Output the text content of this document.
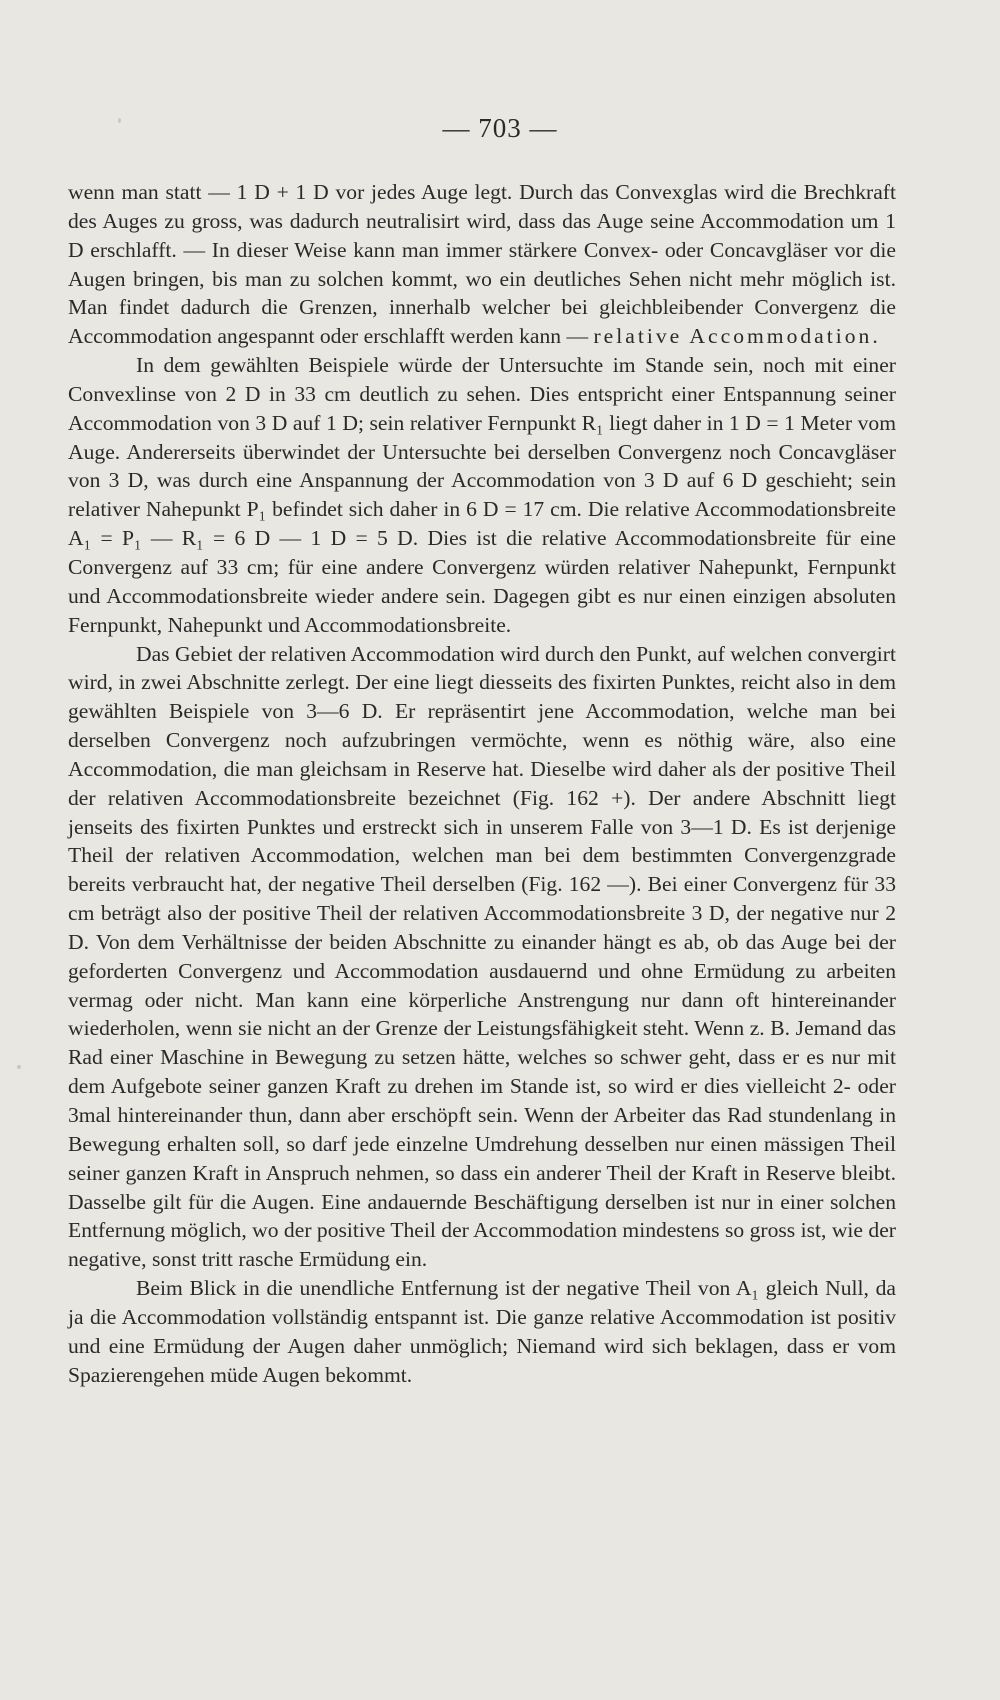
— 703 —

wenn man statt — 1 D + 1 D vor jedes Auge legt. Durch das Convexglas wird die Brechkraft des Auges zu gross, was dadurch neutralisirt wird, dass das Auge seine Accommodation um 1 D erschlafft. — In dieser Weise kann man immer stärkere Convex- oder Concavgläser vor die Augen bringen, bis man zu solchen kommt, wo ein deutliches Sehen nicht mehr möglich ist. Man findet dadurch die Grenzen, innerhalb welcher bei gleichbleibender Convergenz die Accommodation angespannt oder erschlafft werden kann — relative Accommodation.

In dem gewählten Beispiele würde der Untersuchte im Stande sein, noch mit einer Convexlinse von 2 D in 33 cm deutlich zu sehen. Dies entspricht einer Entspannung seiner Accommodation von 3 D auf 1 D; sein relativer Fernpunkt R₁ liegt daher in 1 D = 1 Meter vom Auge. Andererseits überwindet der Untersuchte bei derselben Convergenz noch Concavgläser von 3 D, was durch eine Anspannung der Accommodation von 3 D auf 6 D geschieht; sein relativer Nahepunkt P₁ befindet sich daher in 6 D = 17 cm. Die relative Accommodationsbreite A₁ = P₁ — R₁ = 6 D — 1 D = 5 D. Dies ist die relative Accommodationsbreite für eine Convergenz auf 33 cm; für eine andere Convergenz würden relativer Nahepunkt, Fernpunkt und Accommodationsbreite wieder andere sein. Dagegen gibt es nur einen einzigen absoluten Fernpunkt, Nahepunkt und Accommodationsbreite.

Das Gebiet der relativen Accommodation wird durch den Punkt, auf welchen convergirt wird, in zwei Abschnitte zerlegt. Der eine liegt diesseits des fixirten Punktes, reicht also in dem gewählten Beispiele von 3—6 D. Er repräsentirt jene Accommodation, welche man bei derselben Convergenz noch aufzubringen vermöchte, wenn es nöthig wäre, also eine Accommodation, die man gleichsam in Reserve hat. Dieselbe wird daher als der positive Theil der relativen Accommodationsbreite bezeichnet (Fig. 162 +). Der andere Abschnitt liegt jenseits des fixirten Punktes und erstreckt sich in unserem Falle von 3—1 D. Es ist derjenige Theil der relativen Accommodation, welchen man bei dem bestimmten Convergenzgrade bereits verbraucht hat, der negative Theil derselben (Fig. 162 —). Bei einer Convergenz für 33 cm beträgt also der positive Theil der relativen Accommodationsbreite 3 D, der negative nur 2 D. Von dem Verhältnisse der beiden Abschnitte zu einander hängt es ab, ob das Auge bei der geforderten Convergenz und Accommodation ausdauernd und ohne Ermüdung zu arbeiten vermag oder nicht. Man kann eine körperliche Anstrengung nur dann oft hintereinander wiederholen, wenn sie nicht an der Grenze der Leistungsfähigkeit steht. Wenn z. B. Jemand das Rad einer Maschine in Bewegung zu setzen hätte, welches so schwer geht, dass er es nur mit dem Aufgebote seiner ganzen Kraft zu drehen im Stande ist, so wird er dies vielleicht 2- oder 3mal hintereinander thun, dann aber erschöpft sein. Wenn der Arbeiter das Rad stundenlang in Bewegung erhalten soll, so darf jede einzelne Umdrehung desselben nur einen mässigen Theil seiner ganzen Kraft in Anspruch nehmen, so dass ein anderer Theil der Kraft in Reserve bleibt. Dasselbe gilt für die Augen. Eine andauernde Beschäftigung derselben ist nur in einer solchen Entfernung möglich, wo der positive Theil der Accommodation mindestens so gross ist, wie der negative, sonst tritt rasche Ermüdung ein.

Beim Blick in die unendliche Entfernung ist der negative Theil von A₁ gleich Null, da ja die Accommodation vollständig entspannt ist. Die ganze relative Accommodation ist positiv und eine Ermüdung der Augen daher unmöglich; Niemand wird sich beklagen, dass er vom Spazierengehen müde Augen bekommt.
